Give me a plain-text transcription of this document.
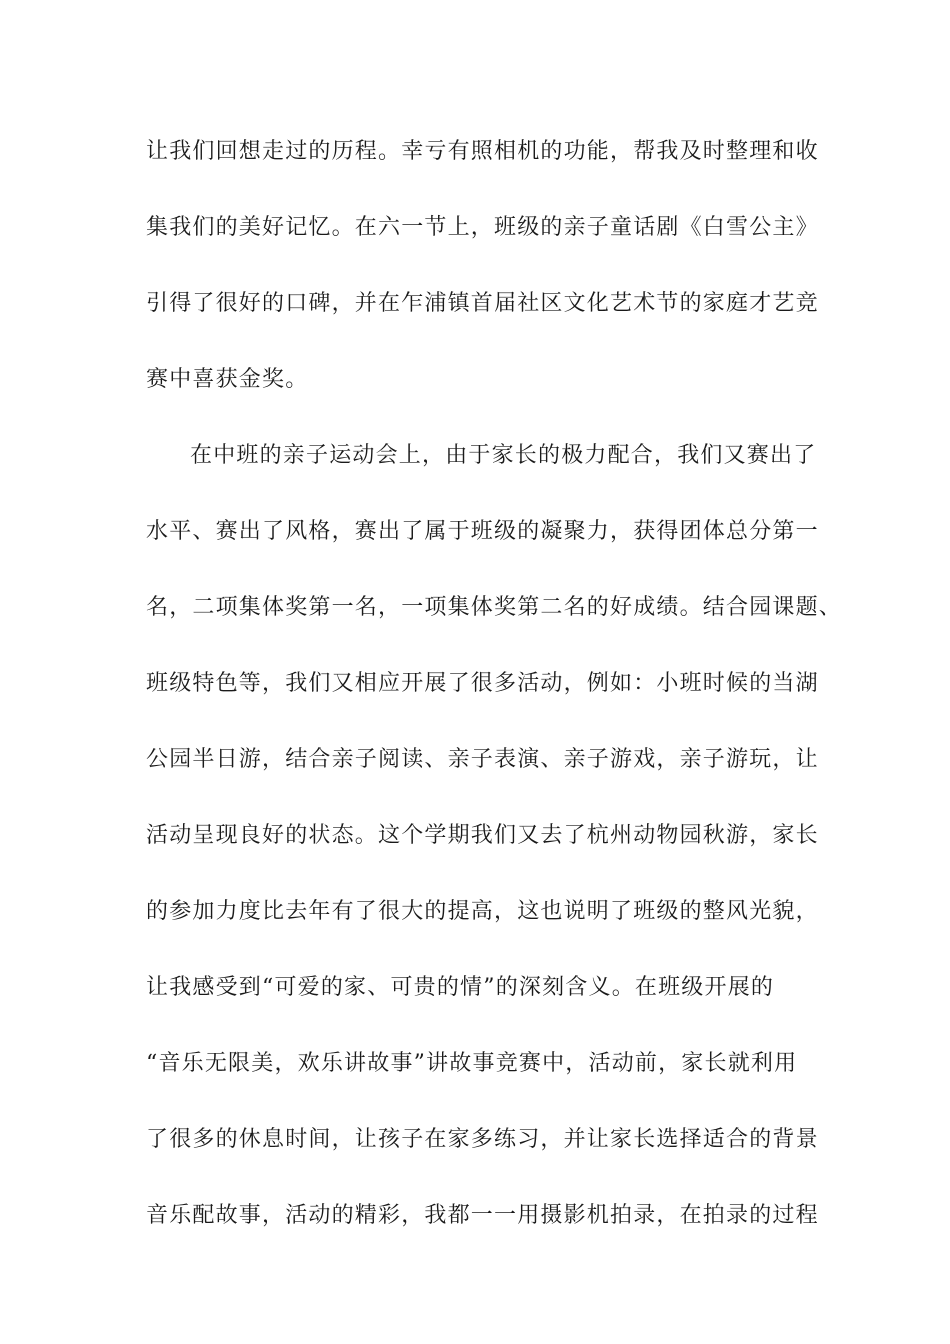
让我们回想走过的历程。幸亏有照相机的功能，帮我及时整理和收
集我们的美好记忆。在六一节上，班级的亲子童话剧《白雪公主》
引得了很好的口碑，并在乍浦镇首届社区文化艺术节的家庭才艺竞
赛中喜获金奖。
在中班的亲子运动会上，由于家长的极力配合，我们又赛出了
水平、赛出了风格，赛出了属于班级的凝聚力，获得团体总分第一
名，二项集体奖第一名，一项集体奖第二名的好成绩。结合园课题、
班级特色等，我们又相应开展了很多活动，例如：小班时候的当湖
公园半日游，结合亲子阅读、亲子表演、亲子游戏，亲子游玩，让
活动呈现良好的状态。这个学期我们又去了杭州动物园秋游，家长
的参加力度比去年有了很大的提高，这也说明了班级的整风光貌，
让我感受到“可爱的家、可贵的情”的深刻含义。在班级开展的
“音乐无限美，欢乐讲故事”讲故事竞赛中，活动前，家长就利用
了很多的休息时间，让孩子在家多练习，并让家长选择适合的背景
音乐配故事，活动的精彩，我都一一用摄影机拍录，在拍录的过程
